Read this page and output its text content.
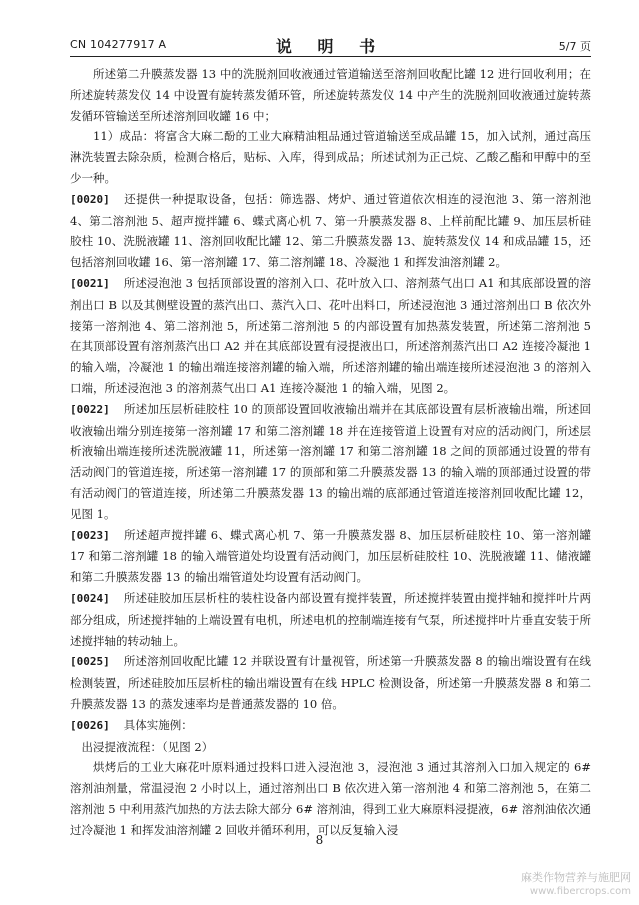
CN 104277917 A	说 明 书	5/7 页

所述第二升膜蒸发器 13 中的洗脱剂回收液通过管道输送至溶剂回收配比罐 12 进行回收利用；在所述旋转蒸发仪 14 中设置有旋转蒸发循环管，所述旋转蒸发仪 14 中产生的洗脱剂回收液通过旋转蒸发循环管输送至所述溶剂回收罐 16 中；

11）成品：将富含大麻二酚的工业大麻精油粗品通过管道输送至成品罐 15，加入试剂，通过高压淋洗装置去除杂质，检测合格后，贴标、入库，得到成品；所述试剂为正己烷、乙酸乙酯和甲醇中的至少一种。

[0020] 还提供一种提取设备，包括：筛选器、烤炉、通过管道依次相连的浸泡池 3、第一溶剂池 4、第二溶剂池 5、超声搅拌罐 6、蝶式离心机 7、第一升膜蒸发器 8、上样前配比罐 9、加压层析硅胶柱 10、洗脱液罐 11、溶剂回收配比罐 12、第二升膜蒸发器 13、旋转蒸发仪 14 和成品罐 15，还包括溶剂回收罐 16、第一溶剂罐 17、第二溶剂罐 18、冷凝池 1 和挥发油溶剂罐 2。

[0021] 所述浸泡池 3 包括顶部设置的溶剂入口、花叶放入口、溶剂蒸气出口 A1 和其底部设置的溶剂出口 B 以及其侧壁设置的蒸汽出口、蒸汽入口、花叶出料口，所述浸泡池 3 通过溶剂出口 B 依次外接第一溶剂池 4、第二溶剂池 5，所述第二溶剂池 5 的内部设置有加热蒸发装置，所述第二溶剂池 5 在其顶部设置有溶剂蒸汽出口 A2 并在其底部设置有浸提液出口，所述溶剂蒸汽出口 A2 连接冷凝池 1 的输入端，冷凝池 1 的输出端连接溶剂罐的输入端，所述溶剂罐的输出端连接所述浸泡池 3 的溶剂入口端，所述浸泡池 3 的溶剂蒸气出口 A1 连接冷凝池 1 的输入端，见图 2。

[0022] 所述加压层析硅胶柱 10 的顶部设置回收液输出端并在其底部设置有层析液输出端，所述回收液输出端分别连接第一溶剂罐 17 和第二溶剂罐 18 并在连接管道上设置有对应的活动阀门，所述层析液输出端连接所述洗脱液罐 11，所述第一溶剂罐 17 和第二溶剂罐 18 之间的顶部通过设置的带有活动阀门的管道连接，所述第一溶剂罐 17 的顶部和第二升膜蒸发器 13 的输入端的顶部通过设置的带有活动阀门的管道连接，所述第二升膜蒸发器 13 的输出端的底部通过管道连接溶剂回收配比罐 12，见图 1。

[0023] 所述超声搅拌罐 6、蝶式离心机 7、第一升膜蒸发器 8、加压层析硅胶柱 10、第一溶剂罐 17 和第二溶剂罐 18 的输入端管道处均设置有活动阀门，加压层析硅胶柱 10、洗脱液罐 11、储液罐和第二升膜蒸发器 13 的输出端管道处均设置有活动阀门。

[0024] 所述硅胶加压层析柱的装柱设备内部设置有搅拌装置，所述搅拌装置由搅拌轴和搅拌叶片两部分组成，所述搅拌轴的上端设置有电机，所述电机的控制端连接有气泵，所述搅拌叶片垂直安装于所述搅拌轴的转动轴上。

[0025] 所述溶剂回收配比罐 12 并联设置有计量视管，所述第一升膜蒸发器 8 的输出端设置有在线检测装置，所述硅胶加压层析柱的输出端设置有在线 HPLC 检测设备，所述第一升膜蒸发器 8 和第二升膜蒸发器 13 的蒸发速率均是普通蒸发器的 10 倍。

[0026] 具体实施例：

出浸提液流程：（见图 2）

烘烤后的工业大麻花叶原料通过投料口进入浸泡池 3，浸泡池 3 通过其溶剂入口加入规定的 6# 溶剂油剂量，常温浸泡 2 小时以上，通过溶剂出口 B 依次进入第一溶剂池 4 和第二溶剂池 5，在第二溶剂池 5 中利用蒸汽加热的方法去除大部分 6# 溶剂油，得到工业大麻原料浸提液，6# 溶剂油依次通过冷凝池 1 和挥发油溶剂罐 2 回收并循环利用，可以反复输入浸

8
麻类作物营养与施肥网
www.fibercrops.com
